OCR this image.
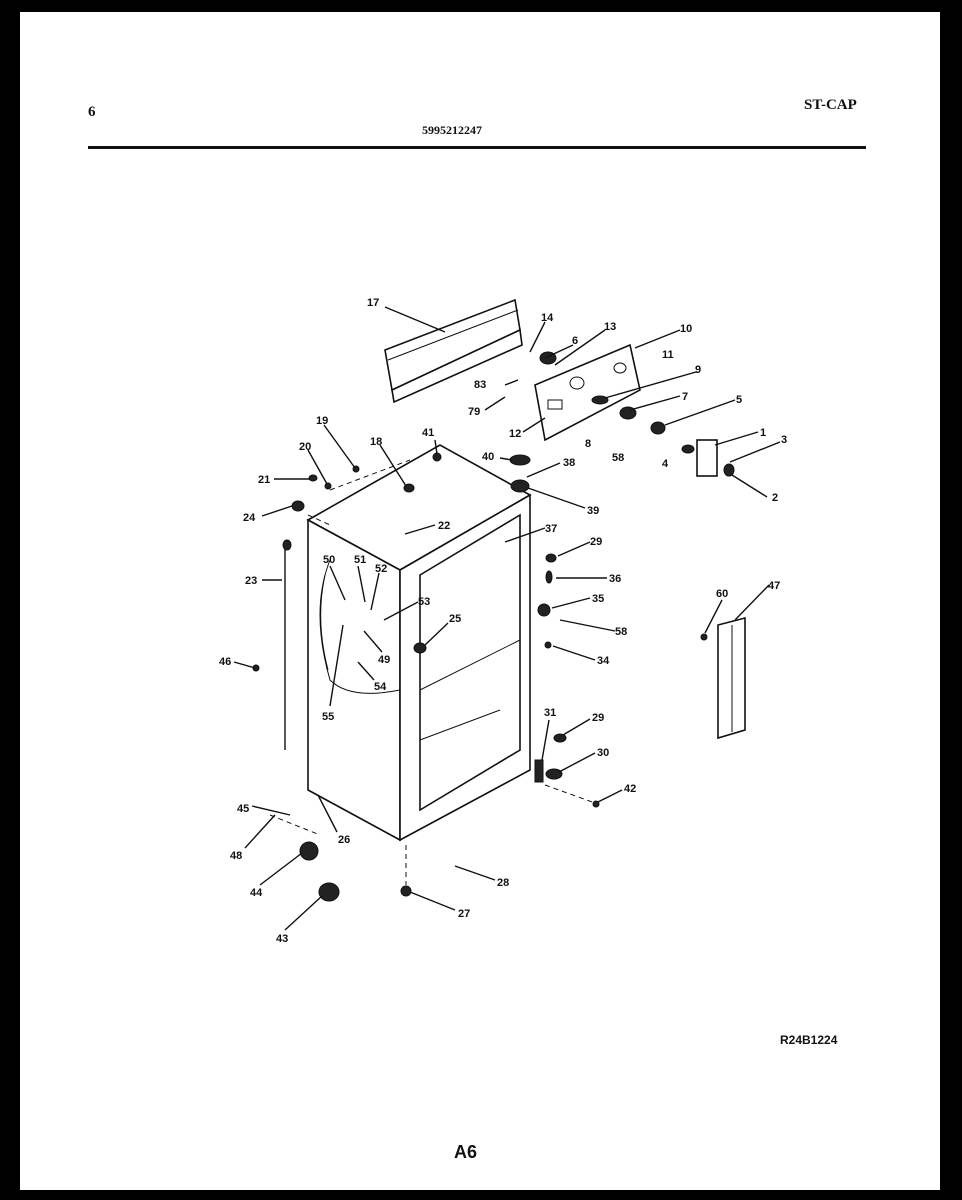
6
5995212247
ST-CAP
17
14
6
13	10
11
9
83
79
12
7
8
5
58
1
3
4
2
41
40	38
39
19
20	18
21
24
22	37
29
36
35
58
34
23
50 51
52
53
25
49
54
55
46
60
47
31	29
30
42
45
26
48
44
43
28
27
R24B1224
A6
